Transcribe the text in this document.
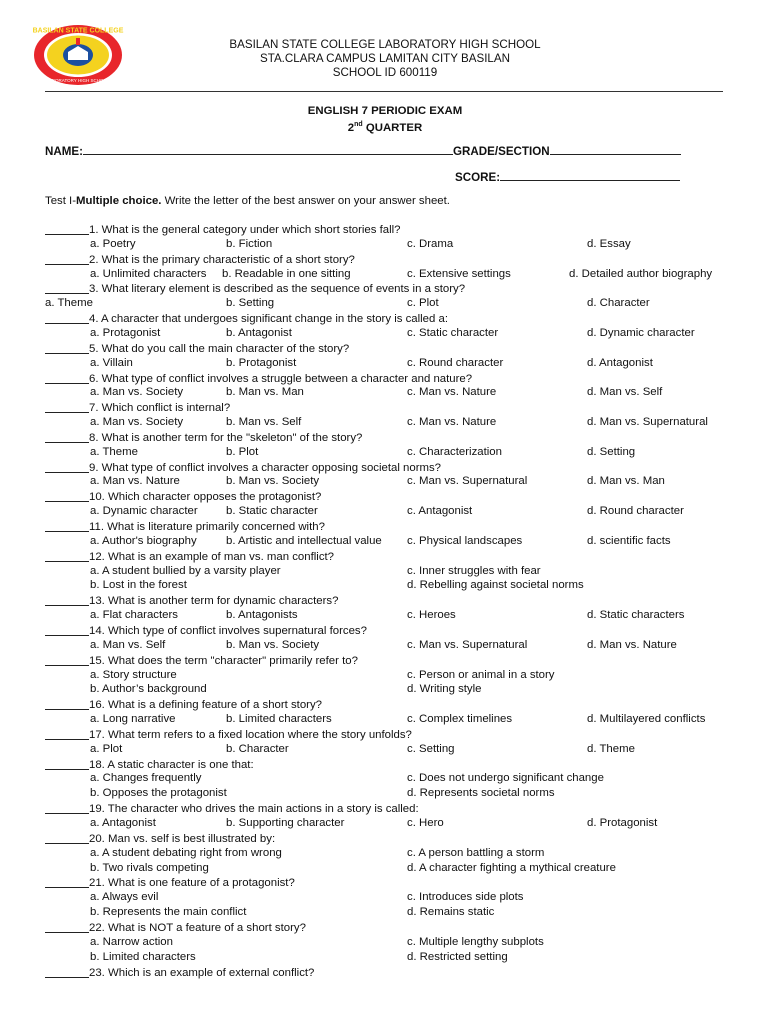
BASILAN STATE COLLEGE
LABORATORY HIGH SCHOOL
BASILAN STATE COLLEGE LABORATORY HIGH SCHOOL
STA.CLARA CAMPUS LAMITAN CITY BASILAN
SCHOOL ID 600119
ENGLISH 7 PERIODIC EXAM
2nd QUARTER
NAME:	GRADE/SECTION
SCORE:
Test I-Multiple choice. Write the letter of the best answer on your answer sheet.
1. What is the general category under which short stories fall?
a. Poetry	b. Fiction	c. Drama	d. Essay
2. What is the primary characteristic of a short story?
a. Unlimited characters b. Readable in one sitting	c. Extensive settings	d. Detailed author biography
3. What literary element is described as the sequence of events in a story?
a. Theme	b. Setting	c. Plot	d. Character
4. A character that undergoes significant change in the story is called a:
a. Protagonist	b. Antagonist	c. Static character	d. Dynamic character
5. What do you call the main character of the story?
a. Villain	b. Protagonist	c. Round character	d. Antagonist
6. What type of conflict involves a struggle between a character and nature?
a. Man vs. Society	b. Man vs. Man	c. Man vs. Nature	d. Man vs. Self
7. Which conflict is internal?
a. Man vs. Society	b. Man vs. Self	c. Man vs. Nature	d. Man vs. Supernatural
8. What is another term for the "skeleton" of the story?
a. Theme	b. Plot	c. Characterization	d. Setting
9. What type of conflict involves a character opposing societal norms?
a. Man vs. Nature	b. Man vs. Society	c. Man vs. Supernatural	d. Man vs. Man
10. Which character opposes the protagonist?
a. Dynamic character b. Static character	c. Antagonist	d. Round character
11. What is literature primarily concerned with?
a. Author's biography	b. Artistic and intellectual value c. Physical landscapes	d. scientific facts
12. What is an example of man vs. man conflict?
a. A student bullied by a varsity player	c. Inner struggles with fear
b. Lost in the forest	d. Rebelling against societal norms
13. What is another term for dynamic characters?
a. Flat characters	b. Antagonists	c. Heroes	d. Static characters
14. Which type of conflict involves supernatural forces?
a. Man vs. Self	b. Man vs. Society	c. Man vs. Supernatural	d. Man vs. Nature
15. What does the term "character" primarily refer to?
a. Story structure	c. Person or animal in a story
b. Author’s background	d. Writing style
16. What is a defining feature of a short story?
a. Long narrative	b. Limited characters	c. Complex timelines	d. Multilayered conflicts
17. What term refers to a fixed location where the story unfolds?
a. Plot	b. Character	c. Setting	d. Theme
18. A static character is one that:
a. Changes frequently	c. Does not undergo significant change
b. Opposes the protagonist	d. Represents societal norms
19. The character who drives the main actions in a story is called:
a. Antagonist	b. Supporting character	c. Hero	d. Protagonist
20. Man vs. self is best illustrated by:
a. A student debating right from wrong	c. A person battling a storm
b. Two rivals competing	d. A character fighting a mythical creature
21. What is one feature of a protagonist?
a. Always evil	c. Introduces side plots
b. Represents the main conflict	d. Remains static
22. What is NOT a feature of a short story?
a. Narrow action	c. Multiple lengthy subplots
b. Limited characters	d. Restricted setting
23. Which is an example of external conflict?
